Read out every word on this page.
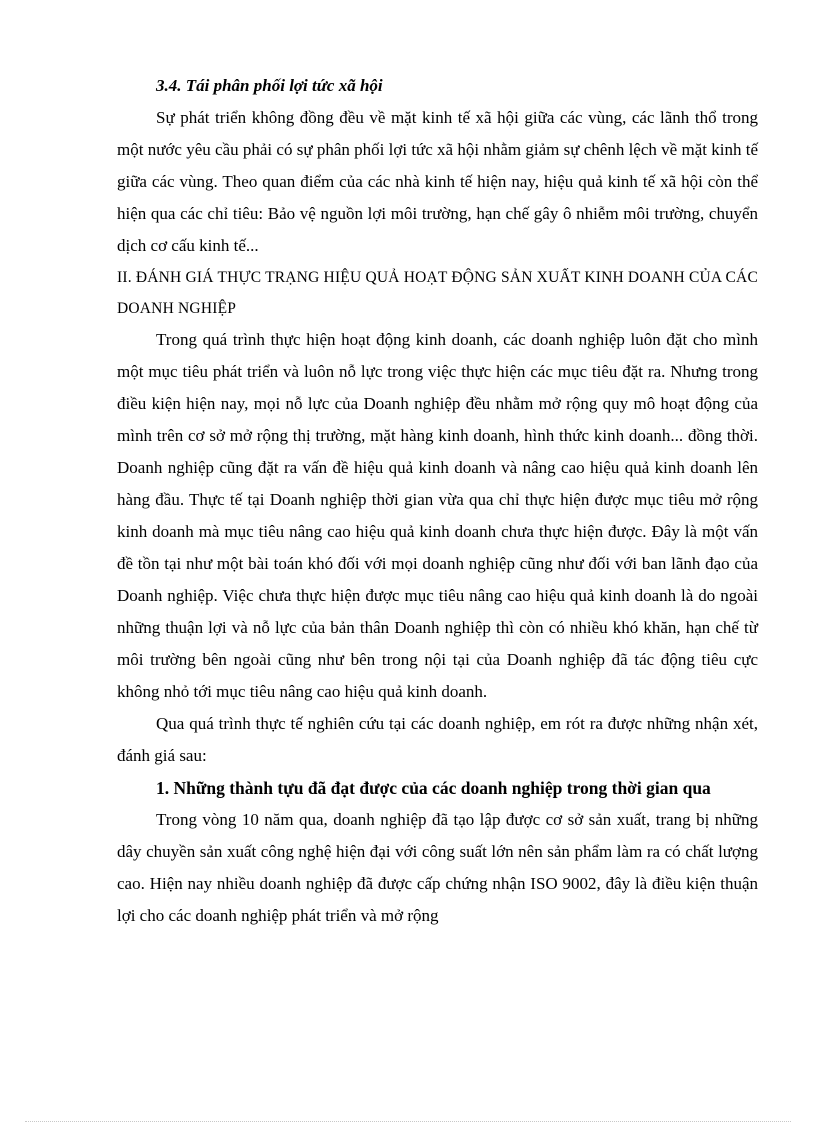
3.4. Tái phân phối lợi tức xã hội

Sự phát triển không đồng đều về mặt kinh tế xã hội giữa các vùng, các lãnh thổ trong một nước yêu cầu phải có sự phân phối lợi tức xã hội nhằm giảm sự chênh lệch về mặt kinh tế giữa các vùng. Theo quan điểm của các nhà kinh tế hiện nay, hiệu quả kinh tế xã hội còn thể hiện qua các chỉ tiêu: Bảo vệ nguồn lợi môi trường, hạn chế gây ô nhiễm môi trường, chuyển dịch cơ cấu kinh tế...

II. ĐÁNH GIÁ THỰC TRẠNG HIỆU QUẢ HOẠT ĐỘNG SẢN XUẤT KINH DOANH CỦA CÁC DOANH NGHIỆP

Trong quá trình thực hiện hoạt động kinh doanh, các doanh nghiệp luôn đặt cho mình một mục tiêu phát triển và luôn nỗ lực trong việc thực hiện các mục tiêu đặt ra. Nhưng trong điều kiện hiện nay, mọi nỗ lực của Doanh nghiệp đều nhằm mở rộng quy mô hoạt động của mình trên cơ sở mở rộng thị trường, mặt hàng kinh doanh, hình thức kinh doanh... đồng thời. Doanh nghiệp cũng đặt ra vấn đề hiệu quả kinh doanh và nâng cao hiệu quả kinh doanh lên hàng đầu. Thực tế tại Doanh nghiệp thời gian vừa qua chỉ thực hiện được mục tiêu mở rộng kinh doanh mà mục tiêu nâng cao hiệu quả kinh doanh chưa thực hiện được. Đây là một vấn đề tồn tại như một bài toán khó đối với mọi doanh nghiệp cũng như đối với ban lãnh đạo của Doanh nghiệp. Việc chưa thực hiện được mục tiêu nâng cao hiệu quả kinh doanh là do ngoài những thuận lợi và nỗ lực của bản thân Doanh nghiệp thì còn có nhiều khó khăn, hạn chế từ môi trường bên ngoài cũng như bên trong nội tại của Doanh nghiệp đã tác động tiêu cực không nhỏ tới mục tiêu nâng cao hiệu quả kinh doanh.

Qua quá trình thực tế nghiên cứu tại các doanh nghiệp, em rót ra được những nhận xét, đánh giá sau:

1. Những thành tựu đã đạt được của các doanh nghiệp trong thời gian qua

Trong vòng 10 năm qua, doanh nghiệp đã tạo lập được cơ sở sản xuất, trang bị những dây chuyền sản xuất công nghệ hiện đại với công suất lớn nên sản phẩm làm ra có chất lượng cao. Hiện nay nhiều doanh nghiệp đã được cấp chứng nhận ISO 9002, đây là điều kiện thuận lợi cho các doanh nghiệp phát triển và mở rộng
